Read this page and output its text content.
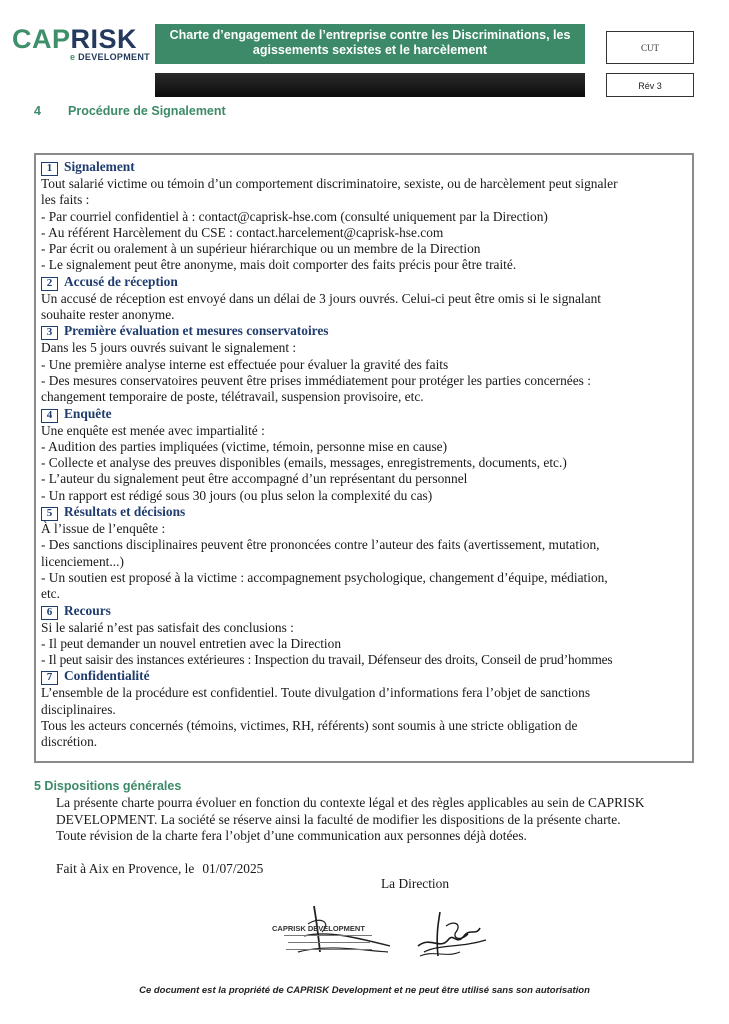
CAPRISK
e DEVELOPMENT
Charte d’engagement de l’entreprise contre les Discriminations, les
agissements sexistes et le harcèlement	CUT
Rév 3
4 Procédure de Signalement
1 Signalement
Tout salarié victime ou témoin d’un comportement discriminatoire, sexiste, ou de harcèlement peut signaler
les faits :
- Par courriel confidentiel à : contact@caprisk-hse.com (consulté uniquement par la Direction)
- Au référent Harcèlement du CSE : contact.harcelement@caprisk-hse.com
- Par écrit ou oralement à un supérieur hiérarchique ou un membre de la Direction
- Le signalement peut être anonyme, mais doit comporter des faits précis pour être traité.
2 Accusé de réception
Un accusé de réception est envoyé dans un délai de 3 jours ouvrés. Celui-ci peut être omis si le signalant
souhaite rester anonyme.
3 Première évaluation et mesures conservatoires
Dans les 5 jours ouvrés suivant le signalement :
- Une première analyse interne est effectuée pour évaluer la gravité des faits
- Des mesures conservatoires peuvent être prises immédiatement pour protéger les parties concernées :
changement temporaire de poste, télétravail, suspension provisoire, etc.
4 Enquête
Une enquête est menée avec impartialité :
- Audition des parties impliquées (victime, témoin, personne mise en cause)
- Collecte et analyse des preuves disponibles (emails, messages, enregistrements, documents, etc.)
- L’auteur du signalement peut être accompagné d’un représentant du personnel
- Un rapport est rédigé sous 30 jours (ou plus selon la complexité du cas)
5 Résultats et décisions
À l’issue de l’enquête :
- Des sanctions disciplinaires peuvent être prononcées contre l’auteur des faits (avertissement, mutation,
licenciement...)
- Un soutien est proposé à la victime : accompagnement psychologique, changement d’équipe, médiation,
etc.
6 Recours
Si le salarié n’est pas satisfait des conclusions :
- Il peut demander un nouvel entretien avec la Direction
- Il peut saisir des instances extérieures : Inspection du travail, Défenseur des droits, Conseil de prud’hommes
7 Confidentialité
L’ensemble de la procédure est confidentiel. Toute divulgation d’informations fera l’objet de sanctions
disciplinaires.
Tous les acteurs concernés (témoins, victimes, RH, référents) sont soumis à une stricte obligation de
discrétion.
5 Dispositions générales
La présente charte pourra évoluer en fonction du contexte légal et des règles applicables au sein de CAPRISK
DEVELOPMENT. La société se réserve ainsi la faculté de modifier les dispositions de la présente charte.
Toute révision de la charte fera l’objet d’une communication aux personnes déjà dotées.
Fait à Aix en Provence, le 01/07/2025
La Direction
CAPRISK DEVELOPMENT
Ce document est la propriété de CAPRISK Development et ne peut être utilisé sans son autorisation
